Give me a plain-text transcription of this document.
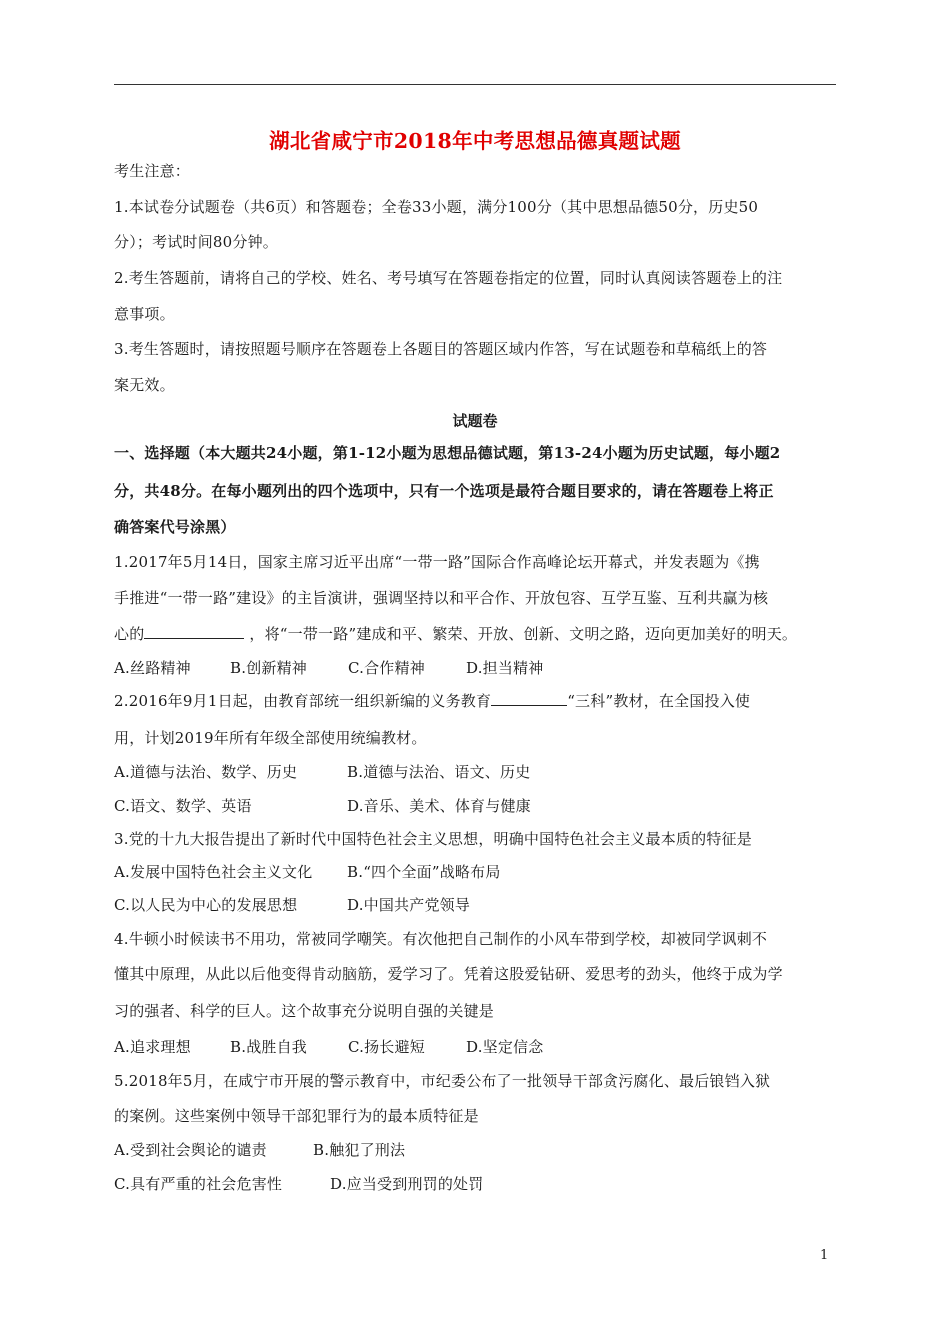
湖北省咸宁市2018年中考思想品德真题试题
考生注意：
1.本试卷分试题卷（共6页）和答题卷；全卷33小题，满分100分（其中思想品德50分，历史50
分）；考试时间80分钟。
2.考生答题前，请将自己的学校、姓名、考号填写在答题卷指定的位置，同时认真阅读答题卷上的注
意事项。
3.考生答题时，请按照题号顺序在答题卷上各题目的答题区域内作答，写在试题卷和草稿纸上的答
案无效。
试题卷
一、选择题（本大题共24小题，第1-12小题为思想品德试题，第13-24小题为历史试题，每小题2
分，共48分。在每小题列出的四个选项中，只有一个选项是最符合题目要求的，请在答题卷上将正
确答案代号涂黑）
1.2017年5月14日，国家主席习近平出席“一带一路”国际合作高峰论坛开幕式，并发表题为《携
手推进“一带一路”建设》的主旨演讲，强调坚持以和平合作、开放包容、互学互鉴、互利共赢为核
心的	，将“一带一路”建成和平、繁荣、开放、创新、文明之路，迈向更加美好的明天。
A.丝路精神	B.创新精神	C.合作精神	D.担当精神
2.2016年9月1日起，由教育部统一组织新编的义务教育	“三科”教材，在全国投入使
用，计划2019年所有年级全部使用统编教材。
A.道德与法治、数学、历史	B.道德与法治、语文、历史
C.语文、数学、英语	D.音乐、美术、体育与健康
3.党的十九大报告提出了新时代中国特色社会主义思想，明确中国特色社会主义最本质的特征是
A.发展中国特色社会主义文化 B.“四个全面”战略布局
C.以人民为中心的发展思想	D.中国共产党领导
4.牛顿小时候读书不用功，常被同学嘲笑。有次他把自己制作的小风车带到学校，却被同学讽刺不
懂其中原理，从此以后他变得肯动脑筋，爱学习了。凭着这股爱钻研、爱思考的劲头，他终于成为学
习的强者、科学的巨人。这个故事充分说明自强的关键是
A.追求理想	B.战胜自我	C.扬长避短	D.坚定信念
5.2018年5月，在咸宁市开展的警示教育中，市纪委公布了一批领导干部贪污腐化、最后锒铛入狱
的案例。这些案例中领导干部犯罪行为的最本质特征是
A.受到社会舆论的谴责	B.触犯了刑法
C.具有严重的社会危害性	D.应当受到刑罚的处罚
1
